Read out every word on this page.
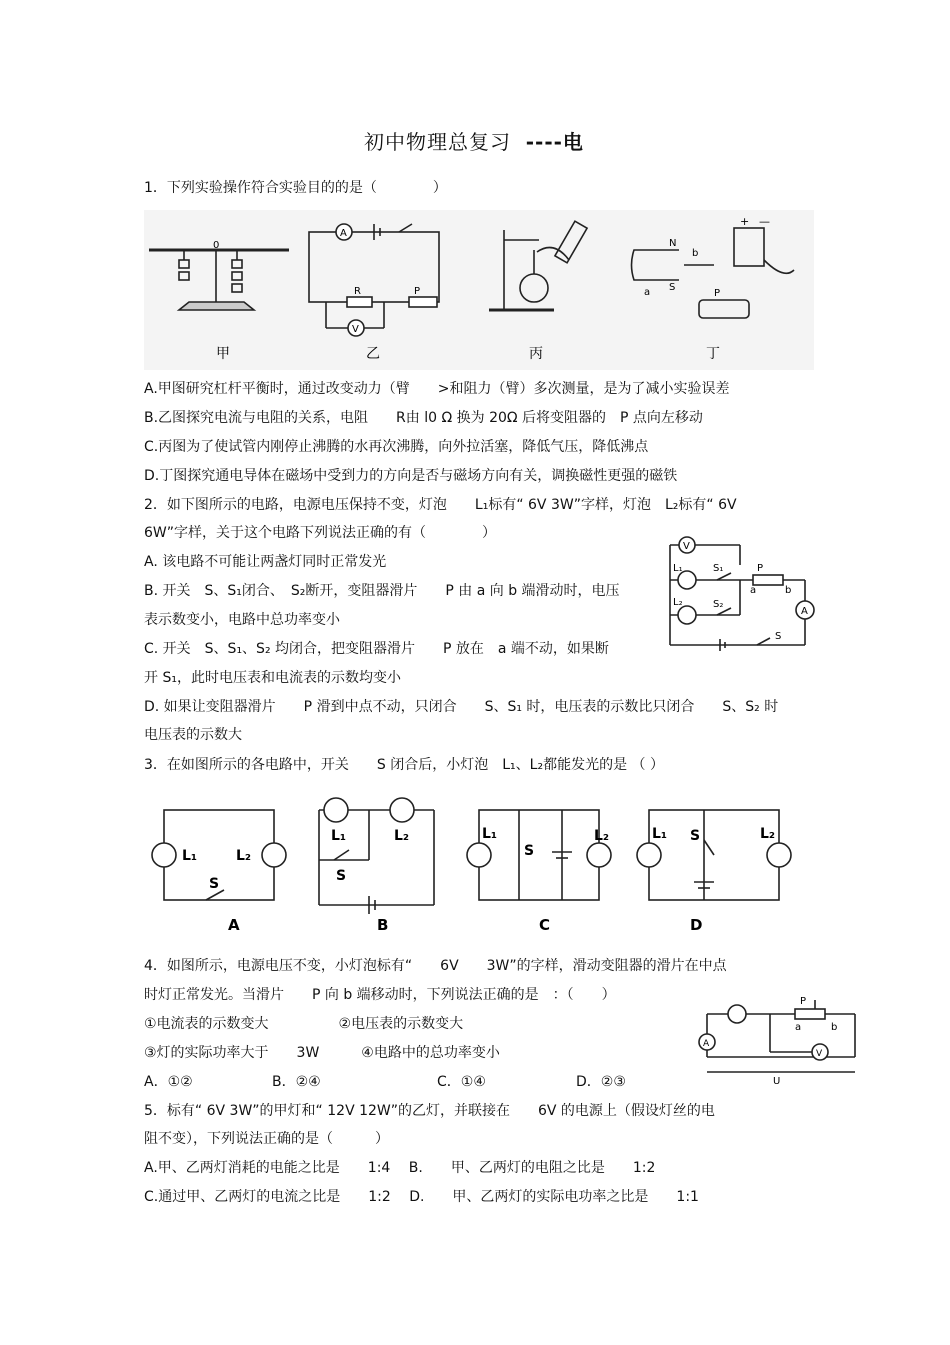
初中物理总复习 ----电
1．下列实验操作符合实验目的的是（　　　　）
0
甲
A
V
R	P
乙	丙
N
S
b
a	P
+ —
丁
A.甲图研究杠杆平衡时，通过改变动力（臂　　>和阻力（臂）多次测量，是为了减小实验误差
B.乙图探究电流与电阻的关系，电阻　　R由 l0 Ω 换为 20Ω 后将变阻器的　P 点向左移动
C.丙图为了使试管内刚停止沸腾的水再次沸腾，向外拉活塞，降低气压，降低沸点
D.丁图探究通电导体在磁场中受到力的方向是否与磁场方向有关，调换磁性更强的磁铁
2．如下图所示的电路，电源电压保持不变，灯泡　　L₁标有“ 6V 3W”字样，灯泡　L₂标有“ 6V
6W”字样，关于这个电路下列说法正确的有（　　　　）
A. 该电路不可能让两盏灯同时正常发光
B. 开关　S、S₁闭合、　S₂断开，变阻器滑片　　P 由 a 向 b 端滑动时，电压
表示数变小，电路中总功率变小
C. 开关　S、S₁、S₂ 均闭合，把变阻器滑片　　P 放在　a 端不动，如果断
开 S₁，此时电压表和电流表的示数均变小
D. 如果让变阻器滑片　　P 滑到中点不动，只闭合　　S、S₁ 时，电压表的示数比只闭合　　S、S₂ 时
电压表的示数大
V
A
L₁
L₂
S₁
S₂
P
a	b
S
3．在如图所示的各电路中，开关　　S 闭合后，小灯泡　L₁、L₂都能发光的是 （ ）
L₁	L₂
S
L₁	L₂
S
L₁	L₂
S
L₁	L₂
S
A	B	C	D
4．如图所示，电源电压不变，小灯泡标有“　　6V　　3W”的字样，滑动变阻器的滑片在中点
时灯正常发光。当滑片　　P 向 b 端移动时，下列说法正确的是　：（　　）
①电流表的示数变大　　　　　②电压表的示数变大
③灯的实际功率大于　　3W　　　④电路中的总功率变小
A．①②	B．②④	C．①④	D．②③
A
V
P
a	b
U
5．标有“ 6V 3W”的甲灯和“ 12V 12W”的乙灯，并联接在　　6V 的电源上（假设灯丝的电
阻不变），下列说法正确的是（　　　）
A.甲、乙两灯消耗的电能之比是　　1:4　 B.　　甲、乙两灯的电阻之比是　　1:2
C.通过甲、乙两灯的电流之比是　　1:2　 D.　　甲、乙两灯的实际电功率之比是　　1:1
